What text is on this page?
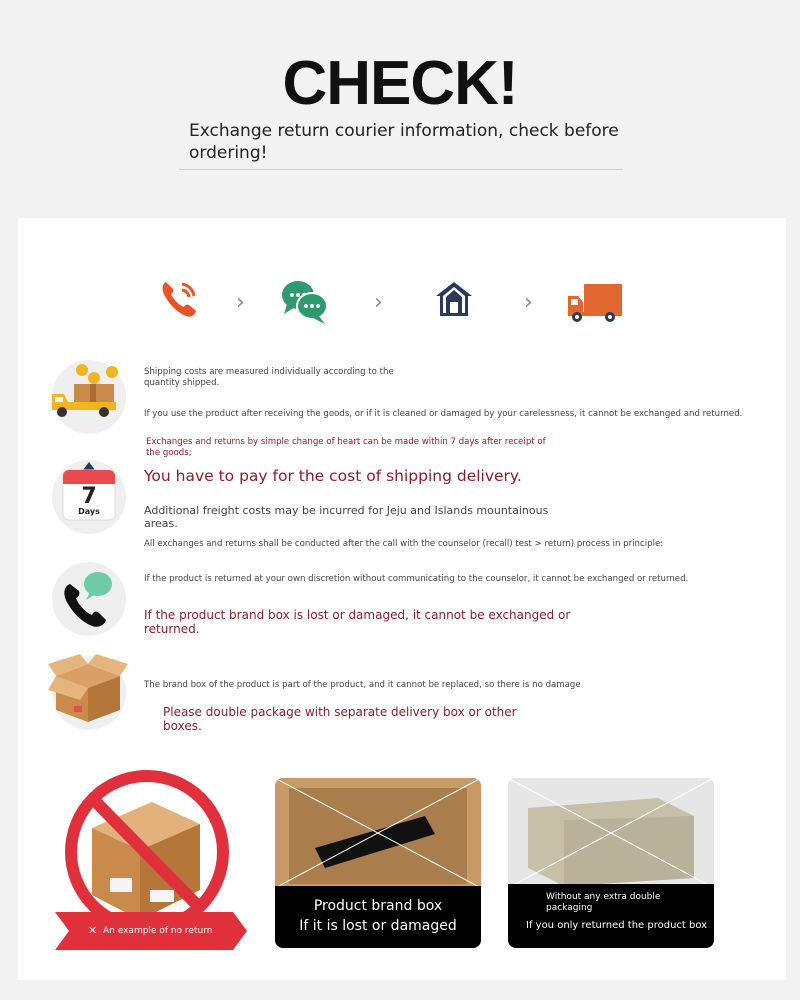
CHECK!
Exchange return courier information, check before ordering!
›	›	›
7
Days
Shipping costs are measured individually according to the quantity shipped.
If you use the product after receiving the goods, or if it is cleaned or damaged by your carelessness, it cannot be exchanged and returned.
Exchanges and returns by simple change of heart can be made within 7 days after receipt of the goods;
You have to pay for the cost of shipping delivery.
Additional freight costs may be incurred for Jeju and Islands mountainous areas.
All exchanges and returns shall be conducted after the call with the counselor (recall) test > return) process in principle:
If the product is returned at your own discretion without communicating to the counselor, it cannot be exchanged or returned.
If the product brand box is lost or damaged, it cannot be exchanged or returned.
The brand box of the product is part of the product, and it cannot be replaced, so there is no damage
Please double package with separate delivery box or other boxes.
✕ An example of no return
Product brand box
If it is lost or damaged
Without any extra double packaging
If you only returned the product box
